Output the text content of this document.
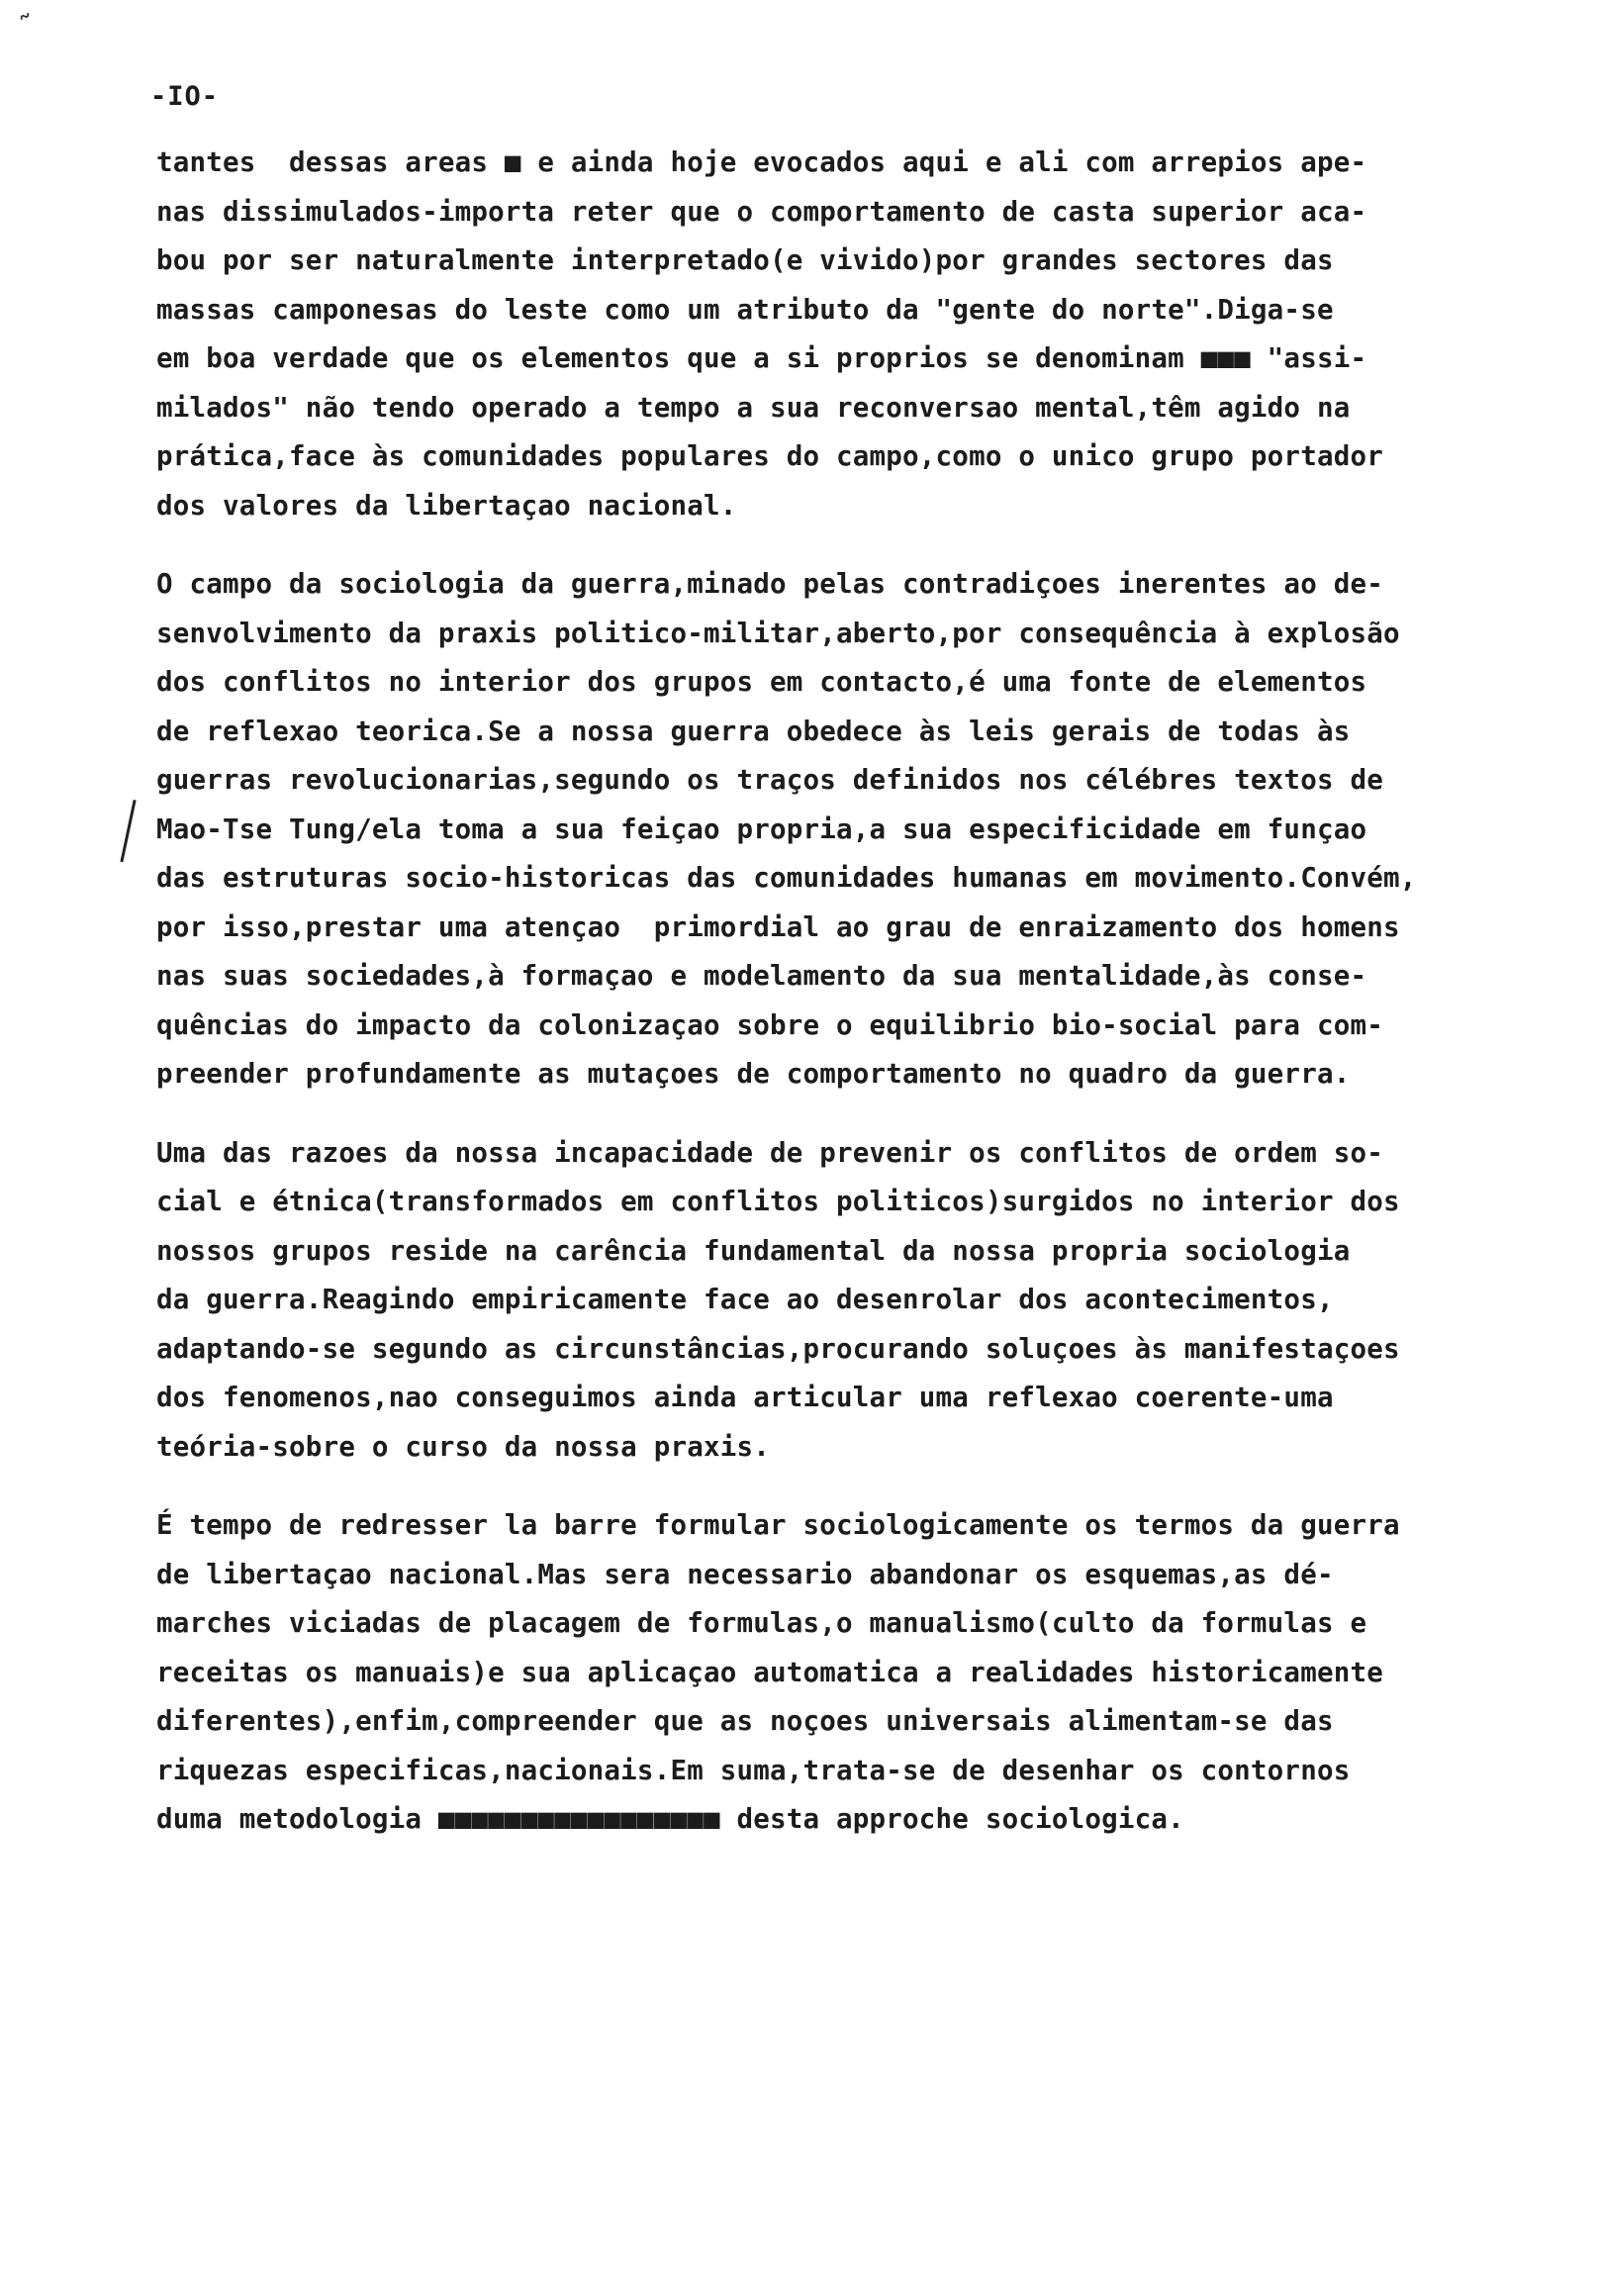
˜
-IO-
tantes  dessas areas ■ e ainda hoje evocados aqui e ali com arrepios ape-
nas dissimulados-importa reter que o comportamento de casta superior aca-
bou por ser naturalmente interpretado(e vivido)por grandes sectores das
massas camponesas do leste como um atributo da "gente do norte".Diga-se
em boa verdade que os elementos que a si proprios se denominam ■■■ "assi-
milados" não tendo operado a tempo a sua reconversao mental,têm agido na
prática,face às comunidades populares do campo,como o unico grupo portador
dos valores da libertaçao nacional.
O campo da sociologia da guerra,minado pelas contradiçoes inerentes ao de-
senvolvimento da praxis politico-militar,aberto,por consequência à explosão
dos conflitos no interior dos grupos em contacto,é uma fonte de elementos
de reflexao teorica.Se a nossa guerra obedece às leis gerais de todas às
guerras revolucionarias,segundo os traços definidos nos célébres textos de
Mao-Tse Tung/ela toma a sua feiçao propria,a sua especificidade em funçao
das estruturas socio-historicas das comunidades humanas em movimento.Convém,
por isso,prestar uma atençao  primordial ao grau de enraizamento dos homens
nas suas sociedades,à formaçao e modelamento da sua mentalidade,às conse-
quências do impacto da colonizaçao sobre o equilibrio bio-social para com-
preender profundamente as mutaçoes de comportamento no quadro da guerra.
Uma das razoes da nossa incapacidade de prevenir os conflitos de ordem so-
cial e étnica(transformados em conflitos politicos)surgidos no interior dos
nossos grupos reside na carência fundamental da nossa propria sociologia
da guerra.Reagindo empiricamente face ao desenrolar dos acontecimentos,
adaptando-se segundo as circunstâncias,procurando soluçoes às manifestaçoes
dos fenomenos,nao conseguimos ainda articular uma reflexao coerente-uma
teória-sobre o curso da nossa praxis.
É tempo de redresser la barre formular sociologicamente os termos da guerra
de libertaçao nacional.Mas sera necessario abandonar os esquemas,as dé-
marches viciadas de placagem de formulas,o manualismo(culto da formulas e
receitas os manuais)e sua aplicaçao automatica a realidades historicamente
diferentes),enfim,compreender que as noçoes universais alimentam-se das
riquezas especificas,nacionais.Em suma,trata-se de desenhar os contornos
duma metodologia ■■■■■■■■■■■■■■■■■ desta approche sociologica.
